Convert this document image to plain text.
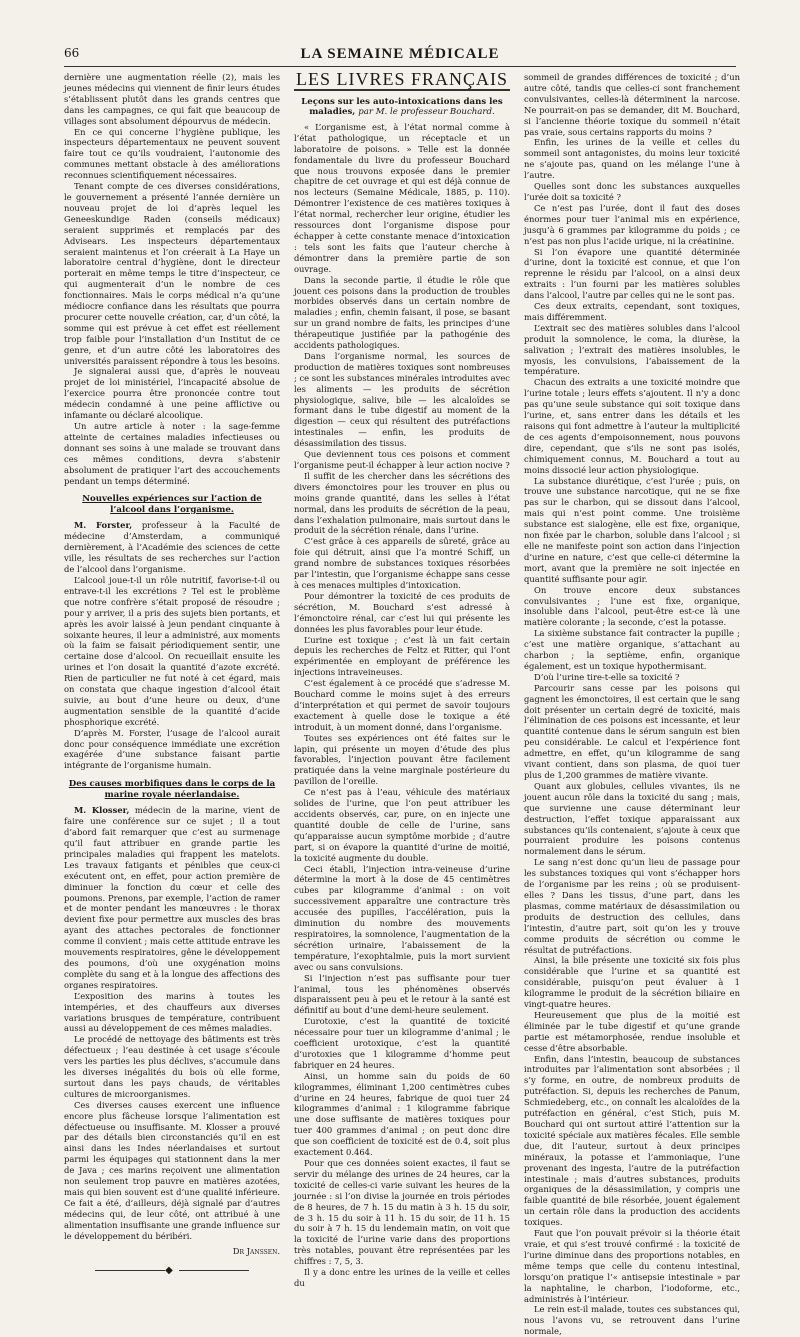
66	LA SEMAINE MÉDICALE

dernière une augmentation réelle (2), mais les jeunes médecins qui viennent de finir leurs études s’établissent plutôt dans les grands centres que dans les campagnes, ce qui fait que beaucoup de villages sont absolument dépourvus de médecin.

En ce qui concerne l’hygiène publique, les inspecteurs départementaux ne peuvent souvent faire tout ce qu’ils voudraient, l’autonomie des communes mettant obstacle à des améliorations reconnues scientifiquement nécessaires.

Tenant compte de ces diverses considérations, le gouvernement a présenté l’année dernière un nouveau projet de loi d’après lequel les Geneeskundige Raden (conseils médicaux) seraient supprimés et remplacés par des Advisears. Les inspecteurs départementaux seraient maintenus et l’on créerait à La Haye un laboratoire central d’hygiène, dont le directeur porterait en même temps le titre d’inspecteur, ce qui augmenterait d’un le nombre de ces fonctionnaires. Mais le corps médical n’a qu’une médiocre confiance dans les résultats que pourra procurer cette nouvelle création, car, d’un côté, la somme qui est prévue à cet effet est réellement trop faible pour l’installation d’un Institut de ce genre, et d’un autre côté les laboratoires des universités paraissent répondre à tous les besoins.

Je signalerai aussi que, d’après le nouveau projet de loi ministériel, l’incapacité absolue de l’exercice pourra être prononcée contre tout médecin condamné à une peine afflictive ou infamante ou déclaré alcoolique.

Un autre article à noter : la sage-femme atteinte de certaines maladies infectieuses ou donnant ses soins à une malade se trouvant dans ces mêmes conditions, devra s’abstenir absolument de pratiquer l’art des accouchements pendant un temps déterminé.

Nouvelles expériences sur l’action de l’alcool dans l’organisme.

M. Forster, professeur à la Faculté de médecine d’Amsterdam, a communiqué dernièrement, à l’Académie des sciences de cette ville, les résultats de ses recherches sur l’action de l’alcool dans l’organisme.

L’alcool joue-t-il un rôle nutritif, favorise-t-il ou entrave-t-il les excrétions ? Tel est le problème que notre confrère s’était proposé de résoudre ; pour y arriver, il a pris des sujets bien portants, et après les avoir laissé à jeun pendant cinquante à soixante heures, il leur a administré, aux moments où la faim se faisait périodiquement sentir, une certaine dose d’alcool. On recueillait ensuite les urines et l’on dosait la quantité d’azote excrété. Rien de particulier ne fut noté à cet égard, mais on constata que chaque ingestion d’alcool était suivie, au bout d’une heure ou deux, d’une augmentation sensible de la quantité d’acide phosphorique excrété.

D’après M. Forster, l’usage de l’alcool aurait donc pour conséquence immédiate une excrétion exagérée d’une substance faisant partie intégrante de l’organisme humain.

Des causes morbifiques dans le corps de la marine royale néerlandaise.

M. Klosser, médecin de la marine, vient de faire une conférence sur ce sujet ; il a tout d’abord fait remarquer que c’est au surmenage qu’il faut attribuer en grande partie les principales maladies qui frappent les matelots. Les travaux fatigants et pénibles que ceux-ci exécutent ont, en effet, pour action première de diminuer la fonction du cœur et celle des poumons. Prenons, par exemple, l’action de ramer et de monter pendant les manœuvres : le thorax devient fixe pour permettre aux muscles des bras ayant des attaches pectorales de fonctionner comme il convient ; mais cette attitude entrave les mouvements respiratoires, gêne le développement des poumons, d’où une oxygénation moins complète du sang et à la longue des affections des organes respiratoires.

L’exposition des marins à toutes les intempéries, et des chauffeurs aux diverses variations brusques de température, contribuent aussi au développement de ces mêmes maladies.

Le procédé de nettoyage des bâtiments est très défectueux ; l’eau destinée à cet usage s’écoule vers les parties les plus déclives, s’accumule dans les diverses inégalités du bois où elle forme, surtout dans les pays chauds, de véritables cultures de microorganismes.

Ces diverses causes exercent une influence encore plus fâcheuse lorsque l’alimentation est défectueuse ou insuffisante. M. Klosser a prouvé par des détails bien circonstanciés qu’il en est ainsi dans les Indes néerlandaises et surtout parmi les équipages qui stationnent dans la mer de Java ; ces marins reçoivent une alimentation non seulement trop pauvre en matières azotées, mais qui bien souvent est d’une qualité inférieure. Ce fait a été, d’ailleurs, déjà signalé par d’autres médecins qui, de leur côté, ont attribué à une alimentation insuffisante une grande influence sur le développement du béribéri.

Dr Janssen.
◆
LES LIVRES FRANÇAIS
Leçons sur les auto-intoxications dans les maladies, par M. le professeur Bouchard.

« L’organisme est, à l’état normal comme à l’état pathologique, un réceptacle et un laboratoire de poisons. » Telle est la donnée fondamentale du livre du professeur Bouchard que nous trouvons exposée dans le premier chapitre de cet ouvrage et qui est déjà connue de nos lecteurs (Semaine Médicale, 1885, p. 110). Démontrer l’existence de ces matières toxiques à l’état normal, rechercher leur origine, étudier les ressources dont l’organisme dispose pour échapper à cette constante menace d’intoxication : tels sont les faits que l’auteur cherche à démontrer dans la première partie de son ouvrage.

Dans la seconde partie, il étudie le rôle que jouent ces poisons dans la production de troubles morbides observés dans un certain nombre de maladies ; enfin, chemin faisant, il pose, se basant sur un grand nombre de faits, les principes d’une thérapeutique justifiée par la pathogénie des accidents pathologiques.

Dans l’organisme normal, les sources de production de matières toxiques sont nombreuses ; ce sont les substances minérales introduites avec les aliments — les produits de sécrétion physiologique, salive, bile — les alcaloïdes se formant dans le tube digestif au moment de la digestion — ceux qui résultent des putréfactions intestinales — enfin, les produits de désassimilation des tissus.

Que deviennent tous ces poisons et comment l’organisme peut-il échapper à leur action nocive ?

Il suffit de les chercher dans les sécrétions des divers émonctoires pour les trouver en plus ou moins grande quantité, dans les selles à l’état normal, dans les produits de sécrétion de la peau, dans l’exhalation pulmonaire, mais surtout dans le produit de la sécrétion rénale, dans l’urine.

C’est grâce à ces appareils de sûreté, grâce au foie qui détruit, ainsi que l’a montré Schiff, un grand nombre de substances toxiques résorbées par l’intestin, que l’organisme échappe sans cesse à ces menaces multiples d’intoxication.

Pour démontrer la toxicité de ces produits de sécrétion, M. Bouchard s’est adressé à l’émonctoire rénal, car c’est lui qui présente les données les plus favorables pour leur étude.

L’urine est toxique ; c’est là un fait certain depuis les recherches de Feltz et Ritter, qui l’ont expérimentée en employant de préférence les injections intraveineuses.

C’est également à ce procédé que s’adresse M. Bouchard comme le moins sujet à des erreurs d’interprétation et qui permet de savoir toujours exactement à quelle dose le toxique a été introduit, à un moment donné, dans l’organisme.

Toutes ses expériences ont été faites sur le lapin, qui présente un moyen d’étude des plus favorables, l’injection pouvant être facilement pratiquée dans la veine marginale postérieure du pavillon de l’oreille.

Ce n’est pas à l’eau, véhicule des matériaux solides de l’urine, que l’on peut attribuer les accidents observés, car, pure, on en injecte une quantité double de celle de l’urine, sans qu’apparaisse aucun symptôme morbide ; d’autre part, si on évapore la quantité d’urine de moitié, la toxicité augmente du double.

Ceci établi, l’injection intra-veineuse d’urine détermine la mort à la dose de 45 centimètres cubes par kilogramme d’animal : on voit successivement apparaître une contracture très accusée des pupilles, l’accélération, puis la diminution du nombre des mouvements respiratoires, la somnolence, l’augmentation de la sécrétion urinaire, l’abaissement de la température, l’exophtalmie, puis la mort survient avec ou sans convulsions.

Si l’injection n’est pas suffisante pour tuer l’animal, tous les phénomènes observés disparaissent peu à peu et le retour à la santé est définitif au bout d’une demi-heure seulement.

L’urotoxie, c’est la quantité de toxicité nécessaire pour tuer un kilogramme d’animal ; le coefficient urotoxique, c’est la quantité d’urotoxies que 1 kilogramme d’homme peut fabriquer en 24 heures.

Ainsi, un homme sain du poids de 60 kilogrammes, éliminant 1,200 centimètres cubes d’urine en 24 heures, fabrique de quoi tuer 24 kilogrammes d’animal : 1 kilogramme fabrique une dose suffisante de matières toxiques pour tuer 400 grammes d’animal ; on peut donc dire que son coefficient de toxicité est de 0.4, soit plus exactement 0.464.

Pour que ces données soient exactes, il faut se servir du mélange des urines de 24 heures, car la toxicité de celles-ci varie suivant les heures de la journée : si l’on divise la journée en trois périodes de 8 heures, de 7 h. 15 du matin à 3 h. 15 du soir, de 3 h. 15 du soir à 11 h. 15 du soir, de 11 h. 15 du soir à 7 h. 15 du lendemain matin, on voit que la toxicité de l’urine varie dans des proportions très notables, pouvant être représentées par les chiffres : 7, 5, 3.

Il y a donc entre les urines de la veille et celles du

sommeil de grandes différences de toxicité ; d’un autre côté, tandis que celles-ci sont franchement convulsivantes, celles-là déterminent la narcose. Ne pourrait-on pas se demander, dit M. Bouchard, si l’ancienne théorie toxique du sommeil n’était pas vraie, sous certains rapports du moins ?

Enfin, les urines de la veille et celles du sommeil sont antagonistes, du moins leur toxicité ne s’ajoute pas, quand on les mélange l’une à l’autre.

Quelles sont donc les substances auxquelles l’urée doit sa toxicité ?

Ce n’est pas l’urée, dont il faut des doses énormes pour tuer l’animal mis en expérience, jusqu’à 6 grammes par kilogramme du poids ; ce n’est pas non plus l’acide urique, ni la créatinine.

Si l’on évapore une quantité déterminée d’urine, dont la toxicité est connue, et que l’on reprenne le résidu par l’alcool, on a ainsi deux extraits : l’un fourni par les matières solubles dans l’alcool, l’autre par celles qui ne le sont pas.

Ces deux extraits, cependant, sont toxiques, mais différemment.

L’extrait sec des matières solubles dans l’alcool produit la somnolence, le coma, la diurèse, la salivation ; l’extrait des matières insolubles, le myosis, les convulsions, l’abaissement de la température.

Chacun des extraits a une toxicité moindre que l’urine totale ; leurs effets s’ajoutent. Il n’y a donc pas qu’une seule substance qui soit toxique dans l’urine, et, sans entrer dans les détails et les raisons qui font admettre à l’auteur la multiplicité de ces agents d’empoisonnement, nous pouvons dire, cependant, que s’ils ne sont pas isolés, chimiquement connus, M. Bouchard a tout au moins dissocié leur action physiologique.

La substance diurétique, c’est l’urée ; puis, on trouve une substance narcotique, qui ne se fixe pas sur le charbon, qui se dissout dans l’alcool, mais qui n’est point comme. Une troisième substance est sialogène, elle est fixe, organique, non fixée par le charbon, soluble dans l’alcool ; si elle ne manifeste point son action dans l’injection d’urine en nature, c’est que celle-ci détermine la mort, avant que la première ne soit injectée en quantité suffisante pour agir.

On trouve encore deux substances convulsivantes ; l’une est fixe, organique, insoluble dans l’alcool, peut-être est-ce là une matière colorante ; la seconde, c’est la potasse.

La sixième substance fait contracter la pupille ; c’est une matière organique, s’attachant au charbon ; la septième, enfin, organique également, est un toxique hypothermisant.

D’où l’urine tire-t-elle sa toxicité ?

Parcourir sans cesse par les poisons qui gagnent les émonctoires, il est certain que le sang doit présenter un certain degré de toxicité, mais l’élimination de ces poisons est incessante, et leur quantité contenue dans le sérum sanguin est bien peu considérable. Le calcul et l’expérience font admettre, en effet, qu’un kilogramme de sang vivant contient, dans son plasma, de quoi tuer plus de 1,200 grammes de matière vivante.

Quant aux globules, cellules vivantes, ils ne jouent aucun rôle dans la toxicité du sang ; mais, que survienne une cause déterminant leur destruction, l’effet toxique apparaissant aux substances qu’ils contenaient, s’ajoute à ceux que pourraient produire les poisons contenus normalement dans le sérum.

Le sang n’est donc qu’un lieu de passage pour les substances toxiques qui vont s’échapper hors de l’organisme par les reins ; où se produisent-elles ? Dans les tissus, d’une part, dans les plasmas, comme matériaux de désassimilation ou produits de destruction des cellules, dans l’intestin, d’autre part, soit qu’on les y trouve comme produits de sécrétion ou comme le résultat de putréfactions.

Ainsi, la bile présente une toxicité six fois plus considérable que l’urine et sa quantité est considérable, puisqu’on peut évaluer à 1 kilogramme le produit de la sécrétion biliaire en vingt-quatre heures.

Heureusement que plus de la moitié est éliminée par le tube digestif et qu’une grande partie est métamorphosée, rendue insoluble et cesse d’être absorbable.

Enfin, dans l’intestin, beaucoup de substances introduites par l’alimentation sont absorbées ; il s’y forme, en outre, de nombreux produits de putréfaction. Si, depuis les recherches de Panum, Schmiedeberg, etc., on connaît les alcaloïdes de la putréfaction en général, c’est Stich, puis M. Bouchard qui ont surtout attiré l’attention sur la toxicité spéciale aux matières fécales. Elle semble due, dit l’auteur, surtout à deux principes minéraux, la potasse et l’ammoniaque, l’une provenant des ingesta, l’autre de la putréfaction intestinale ; mais d’autres substances, produits organiques de la désassimilation, y compris une faible quantité de bile résorbée, jouent également un certain rôle dans la production des accidents toxiques.

Faut que l’on pouvait prévoir si la théorie était vraie, et qui s’est trouvé confirmé : la toxicité de l’urine diminue dans des proportions notables, en même temps que celle du contenu intestinal, lorsqu’on pratique l’« antisepsie intestinale » par la naphtaline, le charbon, l’iodoforme, etc., administrés à l’intérieur.

Le rein est-il malade, toutes ces substances qui, nous l’avons vu, se retrouvent dans l’urine normale,
